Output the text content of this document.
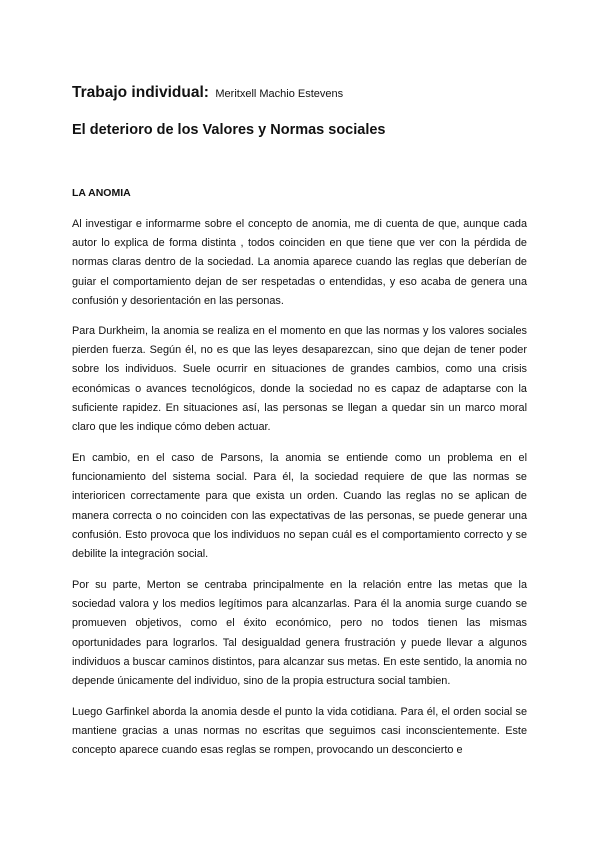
Trabajo individual: Meritxell Machio Estevens
El deterioro de los Valores y Normas sociales
LA ANOMIA

Al investigar e informarme sobre el concepto de anomia, me di cuenta de que, aunque cada autor lo explica de forma distinta , todos coinciden en que tiene que ver con la pérdida de normas claras dentro de la sociedad. La anomia aparece cuando las reglas que deberían de guiar el comportamiento dejan de ser respetadas o entendidas, y eso acaba de genera una confusión y desorientación en las personas.

Para Durkheim, la anomia se realiza en el momento en que las normas y los valores sociales pierden fuerza. Según él, no es que las leyes desaparezcan, sino que dejan de tener poder sobre los individuos. Suele ocurrir en situaciones de grandes cambios, como una crisis económicas o avances tecnológicos, donde la sociedad no es capaz de adaptarse con la suficiente rapidez. En situaciones así, las personas se llegan a quedar sin un marco moral claro que les indique cómo deben actuar.

En cambio, en el caso de Parsons, la anomia se entiende como un problema en el funcionamiento del sistema social. Para él, la sociedad requiere de que las normas se interioricen correctamente para que exista un orden. Cuando las reglas no se aplican de manera correcta o no coinciden con las expectativas de las personas, se puede generar una confusión. Esto provoca que los individuos no sepan cuál es el comportamiento correcto y se debilite la integración social.

Por su parte, Merton se centraba principalmente en la relación entre las metas que la sociedad valora y los medios legítimos para alcanzarlas. Para él la anomia surge cuando se promueven objetivos, como el éxito económico, pero no todos tienen las mismas oportunidades para lograrlos. Tal desigualdad genera frustración y puede llevar a algunos individuos a buscar caminos distintos, para alcanzar sus metas. En este sentido, la anomia no depende únicamente del individuo, sino de la propia estructura social tambien.

Luego Garfinkel aborda la anomia desde el punto la vida cotidiana. Para él, el orden social se mantiene gracias a unas normas no escritas que seguimos casi inconscientemente. Este concepto aparece cuando esas reglas se rompen, provocando un desconcierto e
